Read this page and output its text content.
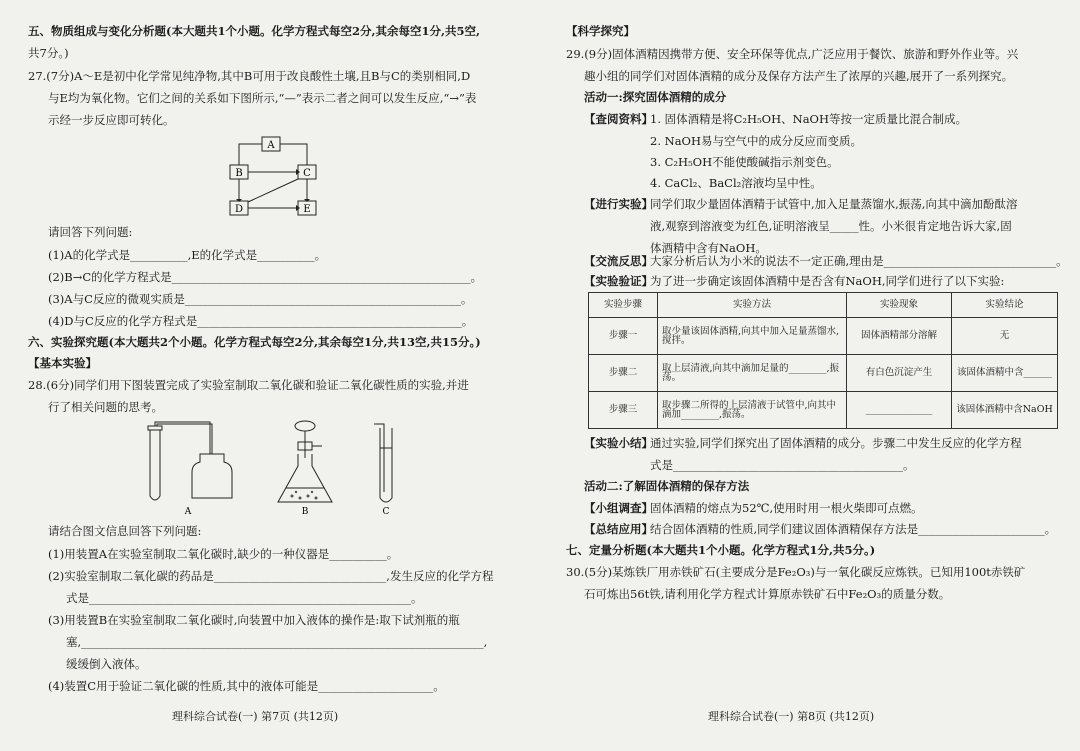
五、物质组成与变化分析题(本大题共1个小题。化学方程式每空2分,其余每空1分,共5空,
共7分。)
27.(7分)A～E是初中化学常见纯净物,其中B可用于改良酸性土壤,且B与C的类别相同,D
与E均为氧化物。它们之间的关系如下图所示,“—”表示二者之间可以发生反应,“→”表
示经一步反应即可转化。
A
B	C
D	E
请回答下列问题:
(1)A的化学式是__________,E的化学式是__________。
(2)B→C的化学方程式是____________________________________________________。
(3)A与C反应的微观实质是________________________________________________。
(4)D与C反应的化学方程式是______________________________________________。
六、实验探究题(本大题共2个小题。化学方程式每空2分,其余每空1分,共13空,共15分。)
【基本实验】
28.(6分)同学们用下图装置完成了实验室制取二氧化碳和验证二氧化碳性质的实验,并进
行了相关问题的思考。
A	B	C
请结合图文信息回答下列问题:
(1)用装置A在实验室制取二氧化碳时,缺少的一种仪器是__________。
(2)实验室制取二氧化碳的药品是______________________________,发生反应的化学方程
式是________________________________________________________。
(3)用装置B在实验室制取二氧化碳时,向装置中加入液体的操作是:取下试剂瓶的瓶
塞,______________________________________________________________________,
缓缓倒入液体。
(4)装置C用于验证二氧化碳的性质,其中的液体可能是____________________。
理科综合试卷(一) 第7页 (共12页)
【科学探究】
29.(9分)固体酒精因携带方便、安全环保等优点,广泛应用于餐饮、旅游和野外作业等。兴
趣小组的同学们对固体酒精的成分及保存方法产生了浓厚的兴趣,展开了一系列探究。
活动一:探究固体酒精的成分
【查阅资料】
1. 固体酒精是将C₂H₅OH、NaOH等按一定质量比混合制成。
2. NaOH易与空气中的成分反应而变质。
3. C₂H₅OH不能使酸碱指示剂变色。
4. CaCl₂、BaCl₂溶液均呈中性。
【进行实验】
同学们取少量固体酒精于试管中,加入足量蒸馏水,振荡,向其中滴加酚酞溶
液,观察到溶液变为红色,证明溶液呈_____性。小米很肯定地告诉大家,固
体酒精中含有NaOH。
【交流反思】
大家分析后认为小米的说法不一定正确,理由是______________________________。
【实验验证】
为了进一步确定该固体酒精中是否含有NaOH,同学们进行了以下实验:
实验步骤	实验方法	实验现象	实验结论
步骤一	取少量该固体酒精,向其中加入足量蒸馏水,搅拌。	固体酒精部分溶解	无
步骤二	取上层清液,向其中滴加足量的________,振荡。	有白色沉淀产生	该固体酒精中含______
步骤三	取步骤二所得的上层清液于试管中,向其中滴加________,振荡。	______________	该固体酒精中含NaOH
【实验小结】
通过实验,同学们探究出了固体酒精的成分。步骤二中发生反应的化学方程
式是________________________________________。
活动二:了解固体酒精的保存方法
【小组调查】
固体酒精的熔点为52℃,使用时用一根火柴即可点燃。
【总结应用】
结合固体酒精的性质,同学们建议固体酒精保存方法是______________________。
七、定量分析题(本大题共1个小题。化学方程式1分,共5分。)
30.(5分)某炼铁厂用赤铁矿石(主要成分是Fe₂O₃)与一氧化碳反应炼铁。已知用100t赤铁矿
石可炼出56t铁,请利用化学方程式计算原赤铁矿石中Fe₂O₃的质量分数。
理科综合试卷(一) 第8页 (共12页)
